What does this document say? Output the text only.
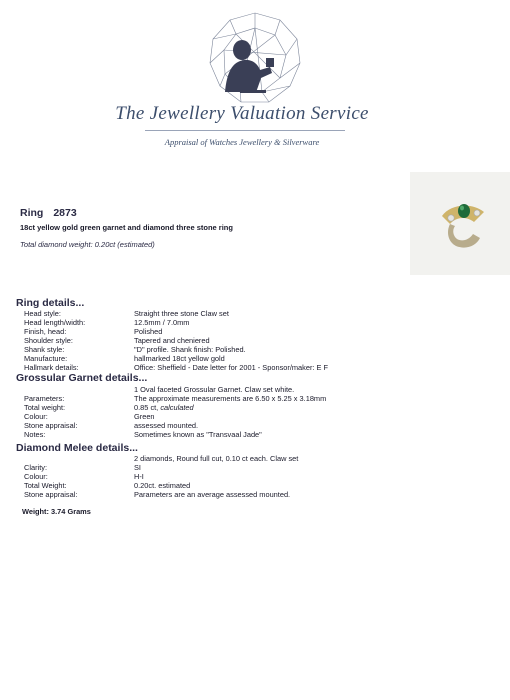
The Jewellery Valuation Service
Appraisal of Watches Jewellery & Silverware
Ring 2873
18ct yellow gold green garnet and diamond three stone ring
Total diamond weight: 0.20ct (estimated)
Ring details...
Head style:	Straight three stone Claw set
Head length/width:	12.5mm / 7.0mm
Finish, head:	Polished
Shoulder style:	Tapered and cheniered
Shank style:	"D" profile. Shank finish: Polished.
Manufacture:	hallmarked 18ct yellow gold
Hallmark details:	Office: Sheffield - Date letter for 2001 - Sponsor/maker: E F
Grossular Garnet details...
1 Oval faceted Grossular Garnet. Claw set white.
Parameters:	The approximate measurements are 6.50 x 5.25 x 3.18mm
Total weight:	0.85 ct, calculated
Colour:	Green
Stone appraisal:	assessed mounted.
Notes:	Sometimes known as "Transvaal Jade"
Diamond Melee details...
2 diamonds, Round full cut, 0.10 ct each. Claw set
Clarity:	SI
Colour:	H-I
Total Weight:	0.20ct. estimated
Stone appraisal:	Parameters are an average assessed mounted.
Weight: 3.74 Grams
